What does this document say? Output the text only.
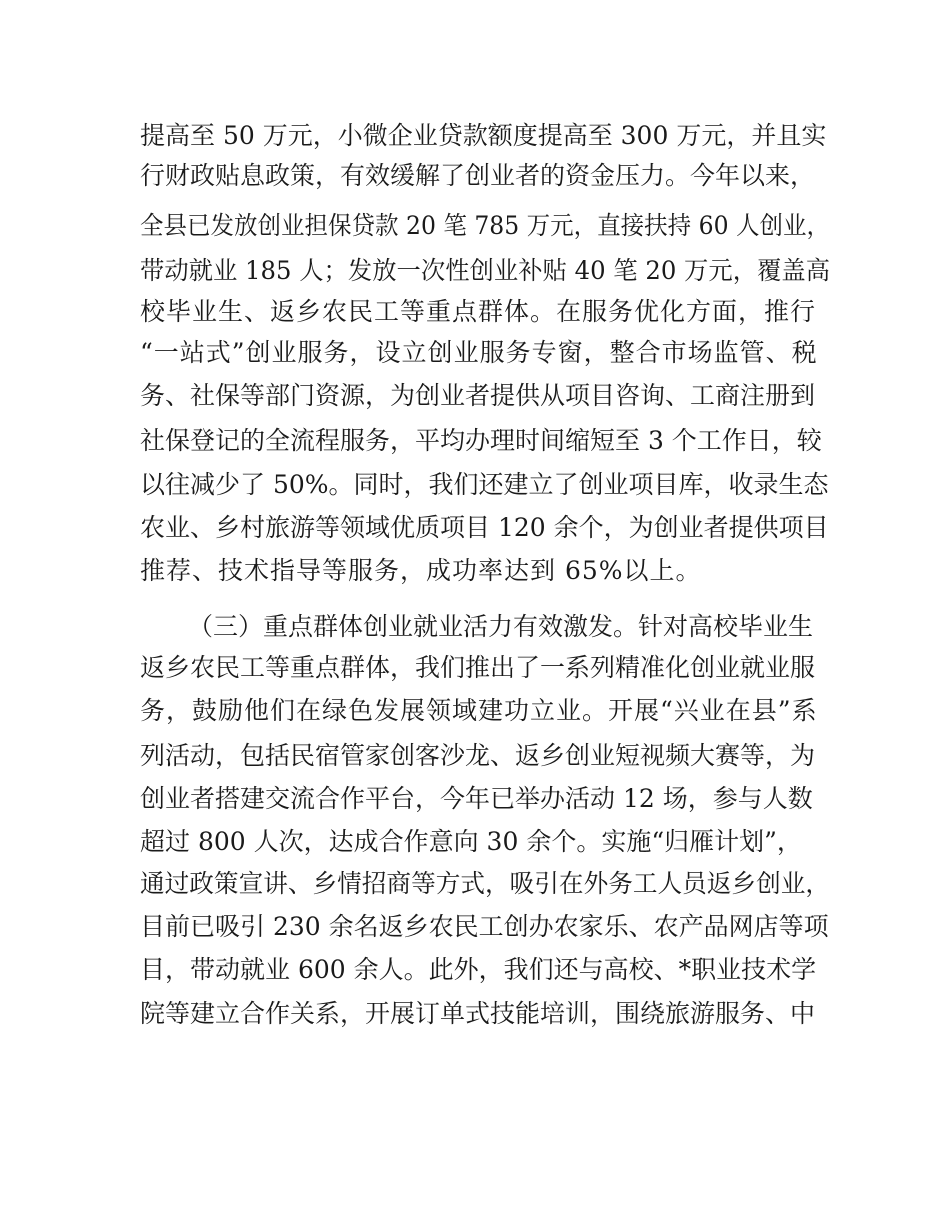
提高至 50 万元，小微企业贷款额度提高至 300 万元，并且实
行财政贴息政策，有效缓解了创业者的资金压力。今年以来，
全县已发放创业担保贷款 20 笔 785 万元，直接扶持 60 人创业，
带动就业 185 人；发放一次性创业补贴 40 笔 20 万元，覆盖高
校毕业生、返乡农民工等重点群体。在服务优化方面，推行
“一站式”创业服务，设立创业服务专窗，整合市场监管、税
务、社保等部门资源，为创业者提供从项目咨询、工商注册到
社保登记的全流程服务，平均办理时间缩短至 3 个工作日，较
以往减少了 50%。同时，我们还建立了创业项目库，收录生态
农业、乡村旅游等领域优质项目 120 余个，为创业者提供项目
推荐、技术指导等服务，成功率达到 65%以上。
（三）重点群体创业就业活力有效激发。针对高校毕业生
返乡农民工等重点群体，我们推出了一系列精准化创业就业服
务，鼓励他们在绿色发展领域建功立业。开展“兴业在县”系
列活动，包括民宿管家创客沙龙、返乡创业短视频大赛等，为
创业者搭建交流合作平台，今年已举办活动 12 场，参与人数
超过 800 人次，达成合作意向 30 余个。实施“归雁计划”，
通过政策宣讲、乡情招商等方式，吸引在外务工人员返乡创业，
目前已吸引 230 余名返乡农民工创办农家乐、农产品网店等项
目，带动就业 600 余人。此外，我们还与高校、*职业技术学
院等建立合作关系，开展订单式技能培训，围绕旅游服务、中
